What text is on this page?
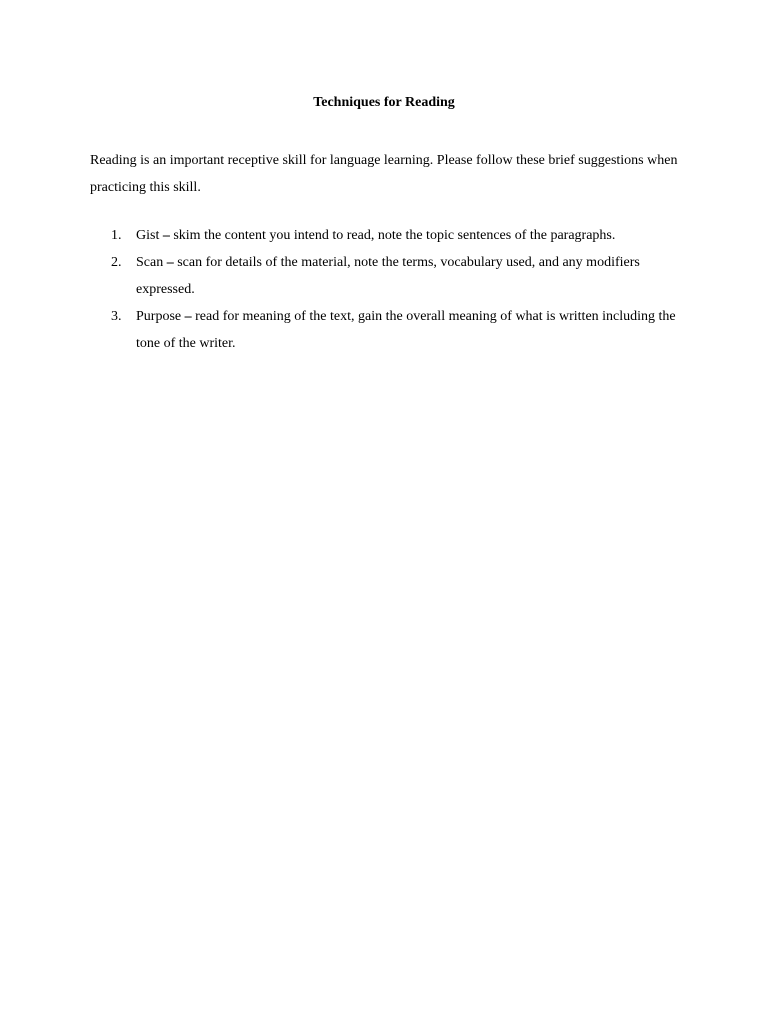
Techniques for Reading

Reading is an important receptive skill for language learning. Please follow these brief suggestions when practicing this skill.

1. Gist – skim the content you intend to read, note the topic sentences of the paragraphs.
2. Scan – scan for details of the material, note the terms, vocabulary used, and any modifiers expressed.
3. Purpose – read for meaning of the text, gain the overall meaning of what is written including the tone of the writer.
